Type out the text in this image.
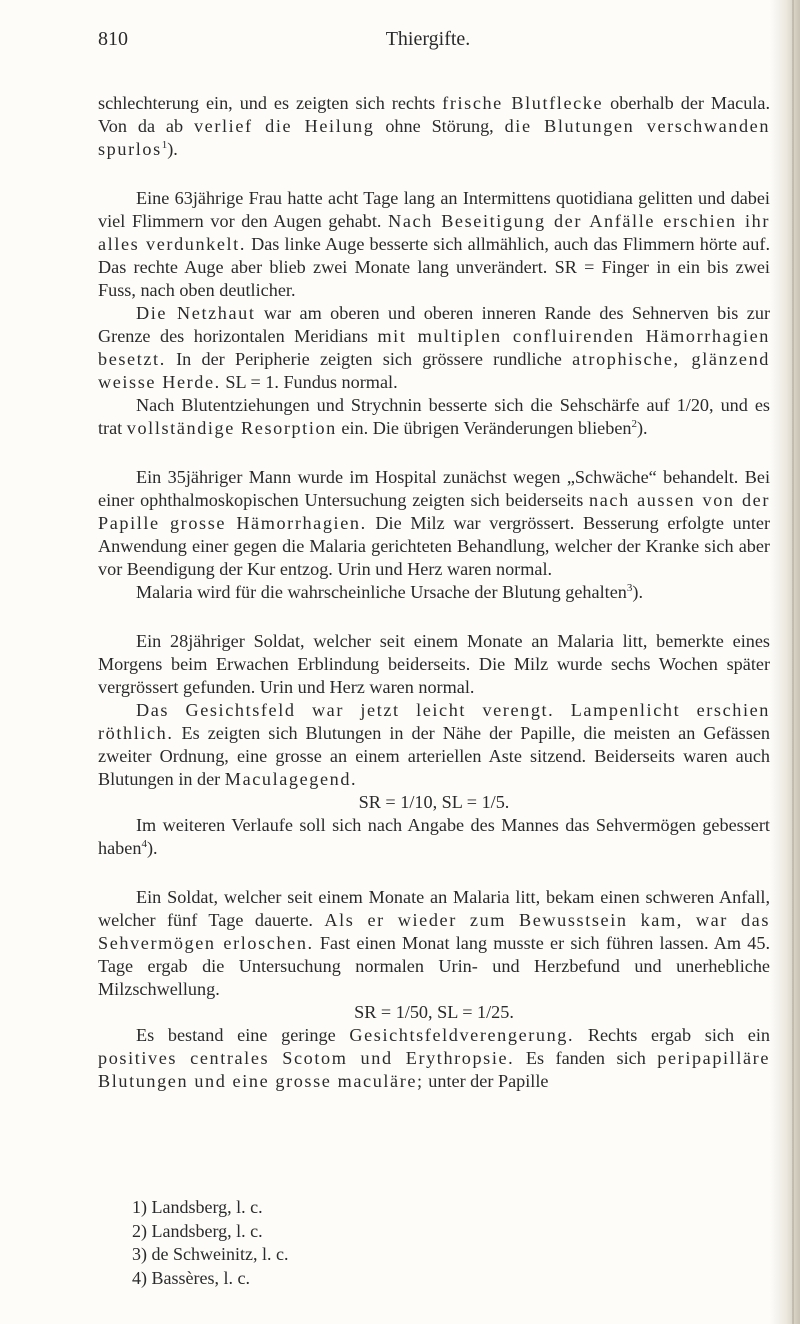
810	Thiergifte.

schlechterung ein, und es zeigten sich rechts frische Blutflecke oberhalb der Macula. Von da ab verlief die Heilung ohne Störung, die Blutungen verschwanden spurlos$^1$).

Eine 63jährige Frau hatte acht Tage lang an Intermittens quotidiana gelitten und dabei viel Flimmern vor den Augen gehabt. Nach Beseitigung der Anfälle erschien ihr alles verdunkelt. Das linke Auge besserte sich allmählich, auch das Flimmern hörte auf. Das rechte Auge aber blieb zwei Monate lang unverändert. SR = Finger in ein bis zwei Fuss, nach oben deutlicher.

Die Netzhaut war am oberen und oberen inneren Rande des Sehnerven bis zur Grenze des horizontalen Meridians mit multiplen confluirenden Hämorrhagien besetzt. In der Peripherie zeigten sich grössere rundliche atrophische, glänzend weisse Herde. SL = 1. Fundus normal.

Nach Blutentziehungen und Strychnin besserte sich die Sehschärfe auf 1/20, und es trat vollständige Resorption ein. Die übrigen Veränderungen blieben$^2$).

Ein 35jähriger Mann wurde im Hospital zunächst wegen „Schwäche“ behandelt. Bei einer ophthalmoskopischen Untersuchung zeigten sich beiderseits nach aussen von der Papille grosse Hämorrhagien. Die Milz war vergrössert. Besserung erfolgte unter Anwendung einer gegen die Malaria gerichteten Behandlung, welcher der Kranke sich aber vor Beendigung der Kur entzog. Urin und Herz waren normal.

Malaria wird für die wahrscheinliche Ursache der Blutung gehalten$^3$).

Ein 28jähriger Soldat, welcher seit einem Monate an Malaria litt, bemerkte eines Morgens beim Erwachen Erblindung beiderseits. Die Milz wurde sechs Wochen später vergrössert gefunden. Urin und Herz waren normal.

Das Gesichtsfeld war jetzt leicht verengt. Lampenlicht erschien röthlich. Es zeigten sich Blutungen in der Nähe der Papille, die meisten an Gefässen zweiter Ordnung, eine grosse an einem arteriellen Aste sitzend. Beiderseits waren auch Blutungen in der Maculagegend.

SR = 1/10, SL = 1/5.

Im weiteren Verlaufe soll sich nach Angabe des Mannes das Sehvermögen gebessert haben$^4$).

Ein Soldat, welcher seit einem Monate an Malaria litt, bekam einen schweren Anfall, welcher fünf Tage dauerte. Als er wieder zum Bewusstsein kam, war das Sehvermögen erloschen. Fast einen Monat lang musste er sich führen lassen. Am 45. Tage ergab die Untersuchung normalen Urin- und Herzbefund und unerhebliche Milzschwellung.

SR = 1/50, SL = 1/25.

Es bestand eine geringe Gesichtsfeldverengerung. Rechts ergab sich ein positives centrales Scotom und Erythropsie. Es fanden sich peripapilläre Blutungen und eine grosse maculäre; unter der Papille

1) Landsberg, l. c.
2) Landsberg, l. c.
3) de Schweinitz, l. c.
4) Bassères, l. c.
